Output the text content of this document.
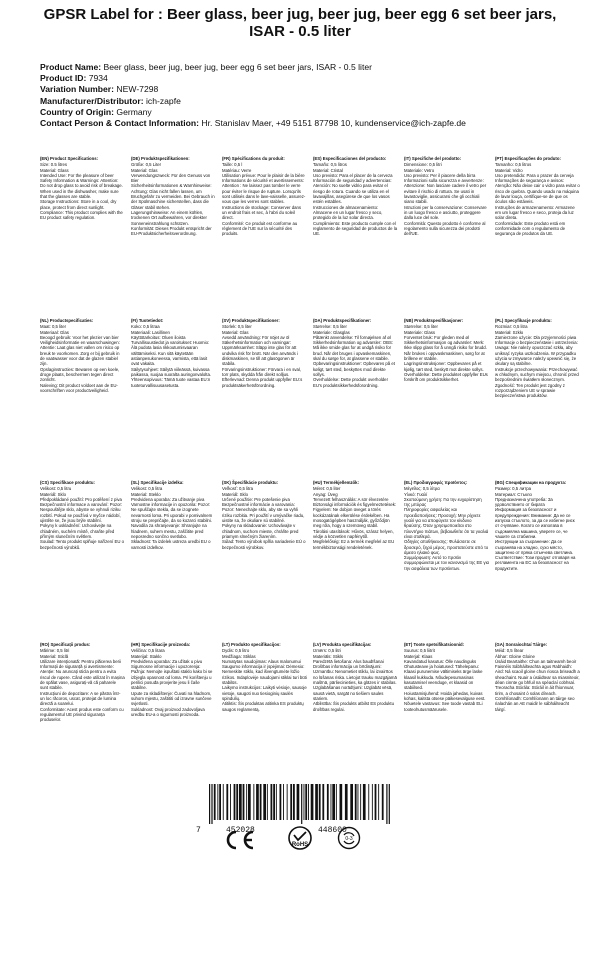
GPSR Label for : Beer glass, beer jug, beer jug, beer egg 6 set beer jars, ISAR - 0.5 liter
Product Name: Beer glass, beer jug, beer jug, beer egg 6 set beer jars, ISAR - 0.5 liter
Product ID: 7934
Variation Number: NEW-7298
Manufacturer/Distributor: ich-zapfe
Country of Origin: Germany
Contact Person & Contact Information: Hr. Stanislav Maer, +49 5151 87798 10, kundenservice@ich-zapfe.de
(EN) Product Specifications:
Size: 0.5 litres
Material: Glass
Intended Use: For the pleasure of beer
Safety Information & Warnings: Attention: Do not drop glass to avoid risk of breakage. When used in the dishwasher, make sure that the glasses are stable.
Storage Instructions: Store in a cool, dry place, protect from direct sunlight.
Compliance: This product complies with the EU product safety regulation.
(DE) Produktspezifikationen:
Größe: 0,5 Liter
Material: Glas
Verwendungszweck: Für den Genuss von Bier
Sicherheitsinformationen & Warnhinweise: Achtung: Glas nicht fallen lassen, um Bruchgefahr zu vermeiden. Bei Gebrauch in der Spülmaschine sicherstellen, dass die Gläser stabil stehen.
Lagerungshinweise: An einem kühlen, trockenen Ort aufbewahren, vor direkter Sonneneinstrahlung schützen.
Konformität: Dieses Produkt entspricht der EU-Produktsicherheitsverordnung.
(FR) Spécifications du produit:
Taille: 0,5 l
Matériau: Verre
Utilisation prévue: Pour le plaisir de la bière
Informations de sécurité et avertissements: Attention : Ne laissez pas tomber le verre pour éviter le risque de rupture. Lorsqu'ils sont utilisés dans le lave-vaisselle, assurez-vous que les verres sont stables.
Instructions de stockage: Conserver dans un endroit frais et sec, à l'abri du soleil direct.
Conformité: Ce produit est conforme au règlement de l'UE sur la sécurité des produits.
(ES) Especificaciones del producto:
Tamaño: 0,5 litros
Material: Cristal
Uso previsto: Para el placer de la cerveza
Información de seguridad y advertencias: Atención: No suelte vidrio para evitar el riesgo de rotura. Cuando se utiliza en el lavavajillas, asegúrese de que los vasos estén estables.
Instrucciones de almacenamiento: Almacene en un lugar fresco y seco, protegido de la luz solar directa.
Cumplimiento: Este producto cumple con el reglamento de seguridad de productos de la UE.
(IT) Specifiche del prodotto:
Dimensione: 0,5 litri
Materiale: Vetro
Uso previsto: Per il piacere della birra
Informazioni sulla sicurezza e avvertenze: Attenzione: Non lasciare cadere il vetro per evitare il rischio di rottura. Se usati in lavastoviglie, assicurarsi che gli occhiali siano stabili.
Istruzioni per la conservazione: Conservare in un luogo fresco e asciutto, proteggere dalla luce del sole.
Conformità: Questo prodotto è conforme al regolamento sulla sicurezza dei prodotti dell'UE.
(PT) Especificações do produto:
Tamanho: 0,5 litros
Material: Vidro
Uso pretendido: Para o prazer da cerveja
Informações de segurança e avisos: Atenção: Não deixe cair o vidro para evitar o risco de quebra. Quando usado na máquina de lavar louça, certifique-se de que os óculos são estáveis.
Instruções de armazenamento: Armazene em um lugar fresco e seco, proteja da luz solar direta.
Conformidade: Este produto está em conformidade com o regulamento de segurança de produtos da UE.
(NL) Productspecificaties:
Maat: 0,5 liter
Materiaal: Glas
Beoogd gebruik: Voor het plezier van bier
Veiligheidsinformatie en waarschuwingen: Attentie: Laat glas niet vallen om risico op breuk te voorkomen. Zorg er bij gebruik in de vaatwasser voor dat de glazen stabiel zijn.
Opslaginstructies: Bewaren op een koele, droge plaats, beschermen tegen direct zonlicht.
Naleving: Dit product voldoet aan de EU-voorschriften voor productveiligheid.
(FI) Tuotetiedot:
Koko: 0,5 litraa
Materiaali: Lasillinen
Käyttötarkoitus: Oluen iloista
Turvallisuustiedot ja varoitukset: Huomio: Älä pudota lasia rikkoutumisvaaran välttämiseksi. Kun sitä käytetään astianpesukoneessa, varmista, että lasit ovat vakaita.
Säilytysohjeet: Säilytä viileässä, kuivassa paikassa, suojaa suoralta auringonvalolta.
Yhteensopivuus: Tämä tuote vastaa EU:n tuoteturvallisuusasetusta.
(SV) Produktspecifikationer:
Storlek: 0,5 liter
Material: Glas
Avsedd användning: För nöjet av öl
Säkerhetsinformation och varningar: Uppmärksamhet: Släpp inte glas för att undvika risk för brott. När den används i diskmaskinen, se till att glasögonen är stabila.
Förvaringsinstruktioner: Förvara i en sval, torr plats, skydda från direkt solljus.
Efterlevnad: Denna produkt uppfyller EU:s produktsäkerhetsförordning.
(DA) Produktspecifikationer:
Størrelse: 0,5 liter
Materiale: Glasglas
Påtænkt anvendelse: Til fornøjelsen af øl
Sikkerhedsinformation og advarsler: OBS: Må ikke smide glas for at undgå risiko for brud. Når det bruges i opvaskemaskinen, skal du sørge for, at glassene er stabile.
Opbevaringsinstruktioner: Opbevares på et køligt, tørt sted, beskyttes mod direkte sollys.
Overholdelse: Dette produkt overholder EU's produktsikkerhedsforordning.
(NB) Produktspesifikasjoner:
Størrelse: 0,5 liter
Materiale: Glass
Forventet bruk: For gleden med øl
Sikkerhetsinformasjon og advarsler: Merk: Ikke slipp glass for å unngå risiko for brudd. Når brukes i oppvaskmaskinen, sørg for at brillene er stabile.
Lagringsinstruksjoner: Oppbevares på et kjølig, tørt sted, beskytt mot direkte sollys.
Overholdelse: Dette produktet oppfyller EUs forskrift om produktsikkerhet.
(PL) Specyfikacje produktu:
Rozmiar: 0,5 litra
Materiał: Szkło
Zamierzone użycie: Dla przyjemności piwa
Informacje o bezpieczeństwie i ostrzeżenia: Uwaga: Nie należy opuszczać szkła, aby uniknąć ryzyka uszkodzenia. W przypadku użycia w zmywarce należy upewnić się, że okulary są stabilne.
Instrukcje przechowywania: Przechowywać w chłodnym, suchym miejscu, chronić przed bezpośrednim światłem słonecznym.
Zgodność: Ten produkt jest zgodny z rozporządzeniem UE w sprawie bezpieczeństwa produktów.
(CS) Specifikace produktu:
Velikost: 0,5 litru
Materiál: Sklo
Předpokládané použití: Pro potěšení z piva
Bezpečnostní informace a varování: Pozor: Nespouštějte sklo, abyste se vyhnuli riziku rozbití. Pokud se používá v myčce nádobí, ujistěte se, že jsou brýle stabilní.
Pokyny k uskladnění: Uchovávejte na chladném, suchém místě, chraňte před přímým slunečním světlem.
Soulad: Tento produkt splňuje nařízení EU o bezpečnosti výrobků.
(SL) Specifikacije izdelka:
Velikost: 0,5 litra
Material: Steklo
Predvidena uporaba: Za užitvanje piva
Varnostne informacije in opozorila: Pozor: Ne spuščajte stekla, da se izognete nevarnosti loma. Pri uporabi v pomivalnem stroju se prepričajte, da so kozarci stabilni.
Navodila za shranjevanje: Shranjujte na hladnem, suhem mestu, zaščitite pred neposredno sončno svetlobo.
Skladnost: Ta izdelek ustreza uredbi EU o varnosti izdelkov.
(SK) Špecifikácie produktu:
Veľkosť: 0,5 litra
Materiál: Sklo
Určené použitie: Pre potešenie piva
Bezpečnostné informácie a varovania: Pozor: Nenechajte sklo, aby ste sa vyhli riziku rozbitia. Pri použití v umývačke riadu, uistite sa, že okuliare sú stabilné.
Pokyny na skladovanie: Uchovávajte v chladnom, suchom mieste, chráňte pred priamym slnečným žiarením.
Súlad: Tento výrobok spĺňa nariadenie EÚ o bezpečnosti výrobkov.
(HU) Termékjellemzők:
Méret: 0,5 liter
Anyag: Üveg
Tervezett felhasználás: A sör élvezetére
Biztonsági információk és figyelmeztetések: Figyelem: Ne dobjon üveget a törés kockázatának elkerülése érdekében. Ha mosogatógépben használják, győződjön meg róla, hogy a szemüveg stabil.
Tárolási utasítások: Hűvös, száraz helyen, védje a közvetlen napfénytől.
Megfelelőség: Ez a termék megfelel az EU termékbiztonsági rendeletének.
(EL) Προδιαγραφές προϊόντος:
Μέγεθος: 0,5 λίτρα
Υλικό: Γυαλί
Σκοπούμενη χρήση: Για την ευχαρίστηση της μπύρας
Πληροφορίες ασφαλείας και προειδοποιήσεις: Προσοχή: Μην ρίχνετε γυαλί για να αποφύγετε τον κίνδυνο θραύσης. Όταν χρησιμοποιείται στο πλυντήριο πιάτων, βεβαιωθείτε ότι τα γυαλιά είναι σταθερά.
Οδηγίες αποθήκευσης: Φυλάσσετε σε δροσερό, ξηρό μέρος, προστατεύστε από το άμεσο ηλιακό φως.
Συμμόρφωση: Αυτό το προϊόν συμμορφώνεται με τον κανονισμό της ΕΕ για την ασφάλεια των προϊόντων.
(BG) Спецификации на продукта:
Размер: 0,5 литра
Материал: Стъкло
Предназначена употреба: За удоволствието от бирата
Информация за безопасност и предупреждения: Внимание: Да не се изпуска стъклото, за да се избегне риск от счупване. Когато се използва в съдомиялна машина, уверете се, че чашите са стабилни.
Инструкции за съхранение: Да се съхранява на хладно, сухо място, защитено от пряка слънчева светлина.
Съответствие: Този продукт отговаря на регламента на ЕС за безопасност на продуктите.
(RO) Specificații produs:
Mărime: 0,5 litri
Material: Sticlă
Utilizare intenționată: Pentru plăcerea berii
Informații de siguranță și avertismente: Atenție: Nu aruncați sticla pentru a evita riscul de rupere. Când este utilizat în mașina de spălat vase, asigurați-vă că paharele sunt stabile.
Instrucțiuni de depozitare: A se păstra într-un loc răcoros, uscat, protejat de lumina directă a soarelui.
Conformitate: Acest produs este conform cu regulamentul UE privind siguranța produselor.
(HR) Specifikacije proizvoda:
Veličina: 0,5 litara
Materijal: Staklo
Predviđena uporaba: Za užitak u pivu
Sigurnosne informacije i upozorenja: Pažnja: Nemojte ispuštati staklo kako bi se izbjegla opasnost od loma. Pri korištenju u perilici posuđa provjerite jesu li čaše stabilne.
Upute za skladištenje: Čuvati na hladnom, suhom mjestu, zaštititi od izravne sunčeve svjetlosti.
Sukladnost: Ovaj proizvod zadovoljava uredbu EU-a o sigurnosti proizvoda.
(LT) Produkto specifikacijos:
Dydis: 0,5 litro
Medžiaga: Stiklas
Numatytas naudojimas: Alaus malonumui
Saugumo informacija ir įspėjimai: Dėmesio: Nemeskite stiklo, kad išvengtumėte lūžio rizikos. Indaplovėje naudojami stiklai turi būti stabilūs.
Laikymo instrukcijos: Laikyti vėsioje, sausoje vietoje, saugoti nuo tiesioginių saulės spindulių.
Atitiktis: Šis produktas atitinka ES produktų saugos reglamentą.
(LV) Produkta specifikācijas:
Izmērs: 0,5 litri
Materiāls: Stikls
Paredzētā lietošana: Alus baudīšanai
Drošības informācija un brīdinājumi: Uzmanību: Nenometiet stiklu, lai izvairītos no lūšanas riska. Lietojot trauku mazgājamā mašīnā, pārliecinieties, ka glāzes ir stabilas.
Uzglabāšanas norādījumi: Uzglabāt vēsā, sausā vietā, sargāt no tiešiem saules stariem.
Atbilstība: Šis produkts atbilst ES produktu drošības regulai.
(ET) Toote spetsifikatsioonid:
Suurus: 0,5 liitrit
Materjal: Klaas
Kavandatud kasutus: Õlle naudinguks
Ohutusteave ja hoiatused: Tähelepanu: Klaasi purunemise vältimiseks ärge laske klaasil kukkuda. Nõudepesumasinas kasutamisel veenduge, et klaasid on stabiilsed.
Hoiustamisjuhend: Hoida jahedas, kuivas kohas, kaitsta otsese päikesevalguse eest.
Nõuetele vastavus: See toode vastab ELi tooteohutusmäärusele.
(GA) Sonraíochtaí Táirge:
Méid: 0,5 lítear
Ábhar: Gloine Gloine
Úsáid Beartaithe: Chun an taitneamh beoir
Faisnéis Sábháilteachta agus Rabhaidh: Aird: Ná scaoil gloine chun riosca briseadh a sheachaint. Nuair a úsáidtear sa miasniteoir, déan cinnte go bhfuil na spéaclaí cobhsaí.
Treoracha Stórála: Stóráil in áit fhionnuar, tirim, a chosaint ó solas díreach.
Comhlíonadh: Comhlíonann an táirge seo rialachán an AE maidir le sábháilteacht táirgí.
7	452028	448600
RoHS
0-3
